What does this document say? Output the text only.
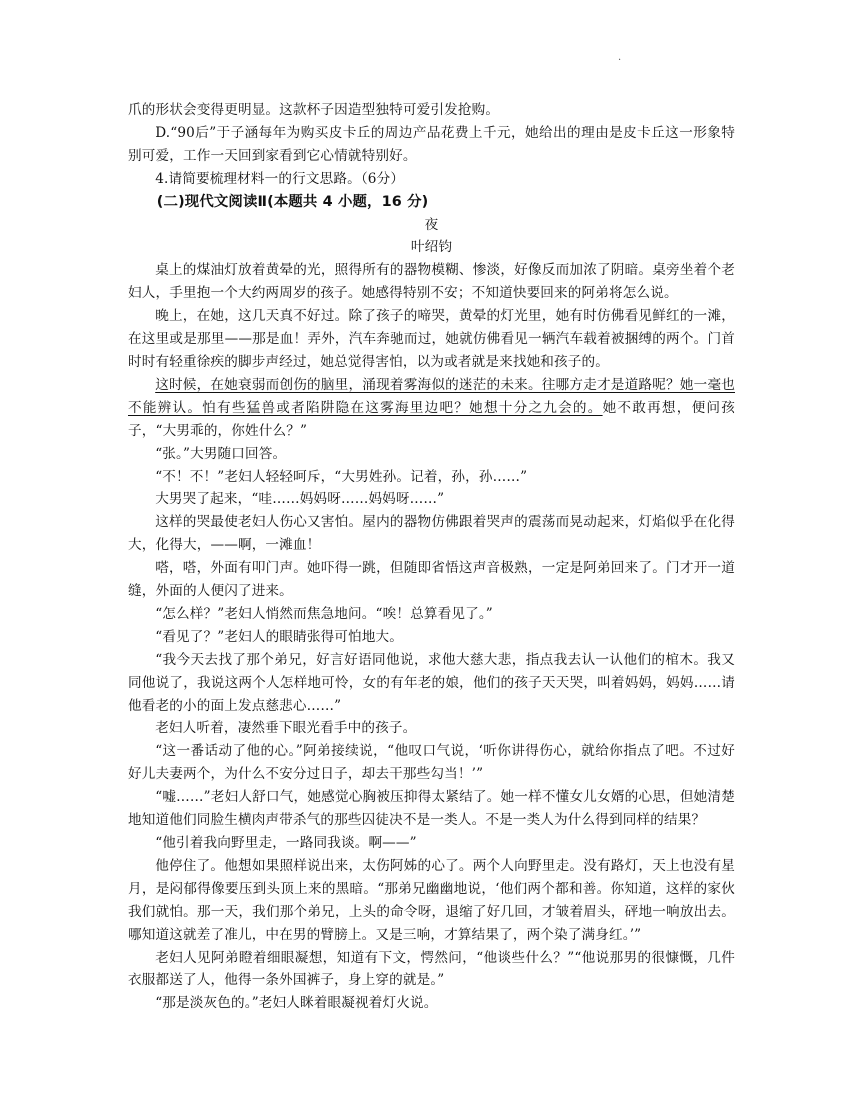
.

爪的形状会变得更明显。这款杯子因造型独特可爱引发抢购。

D.“90后”于子涵每年为购买皮卡丘的周边产品花费上千元，她给出的理由是皮卡丘这一形象特别可爱，工作一天回到家看到它心情就特别好。

4.请简要梳理材料一的行文思路。（6分）

(二)现代文阅读Ⅱ(本题共 4 小题，16 分)

夜

叶绍钧

桌上的煤油灯放着黄晕的光，照得所有的器物模糊、惨淡，好像反而加浓了阴暗。桌旁坐着个老妇人，手里抱一个大约两周岁的孩子。她感得特别不安；不知道快要回来的阿弟将怎么说。

晚上，在她，这几天真不好过。除了孩子的啼哭，黄晕的灯光里，她有时仿佛看见鲜红的一滩，在这里或是那里——那是血！弄外，汽车奔驰而过，她就仿佛看见一辆汽车载着被捆缚的两个。门首时时有轻重徐疾的脚步声经过，她总觉得害怕，以为或者就是来找她和孩子的。

这时候，在她衰弱而创伤的脑里，涌现着雾海似的迷茫的未来。往哪方走才是道路呢？她一毫也不能辨认。怕有些猛兽或者陷阱隐在这雾海里边吧？她想十分之九会的。她不敢再想，便问孩子，“大男乖的，你姓什么？”

“张。”大男随口回答。

“不！不！”老妇人轻轻呵斥，“大男姓孙。记着，孙，孙……”

大男哭了起来，“哇……妈妈呀……妈妈呀……”

这样的哭最使老妇人伤心又害怕。屋内的器物仿佛跟着哭声的震荡而晃动起来，灯焰似乎在化得大，化得大，——啊，一滩血！

嗒，嗒，外面有叩门声。她吓得一跳，但随即省悟这声音极熟，一定是阿弟回来了。门才开一道缝，外面的人便闪了进来。

“怎么样？”老妇人悄然而焦急地问。“唉！总算看见了。”

“看见了？”老妇人的眼睛张得可怕地大。

“我今天去找了那个弟兄，好言好语同他说，求他大慈大悲，指点我去认一认他们的棺木。我又同他说了，我说这两个人怎样地可怜，女的有年老的娘，他们的孩子天天哭，叫着妈妈，妈妈……请他看老的小的面上发点慈悲心……”

老妇人听着，凄然垂下眼光看手中的孩子。

“这一番话动了他的心。”阿弟接续说，“他叹口气说，‘听你讲得伤心，就给你指点了吧。不过好好儿夫妻两个，为什么不安分过日子，却去干那些勾当！’”

“嘘……”老妇人舒口气，她感觉心胸被压抑得太紧结了。她一样不懂女儿女婿的心思，但她清楚地知道他们同脸生横肉声带杀气的那些囚徒决不是一类人。不是一类人为什么得到同样的结果？

“他引着我向野里走，一路同我谈。啊——”

他停住了。他想如果照样说出来，太伤阿姊的心了。两个人向野里走。没有路灯，天上也没有星月，是闷郁得像要压到头顶上来的黑暗。“那弟兄幽幽地说，‘他们两个都和善。你知道，这样的家伙我们就怕。那一天，我们那个弟兄，上头的命令呀，退缩了好几回，才皱着眉头，砰地一响放出去。哪知道这就差了准儿，中在男的臂膀上。又是三响，才算结果了，两个染了满身红。’”

老妇人见阿弟瞪着细眼凝想，知道有下文，愕然问，“他谈些什么？”“他说那男的很慷慨，几件衣服都送了人，他得一条外国裤子，身上穿的就是。”

“那是淡灰色的。”老妇人眯着眼凝视着灯火说。
